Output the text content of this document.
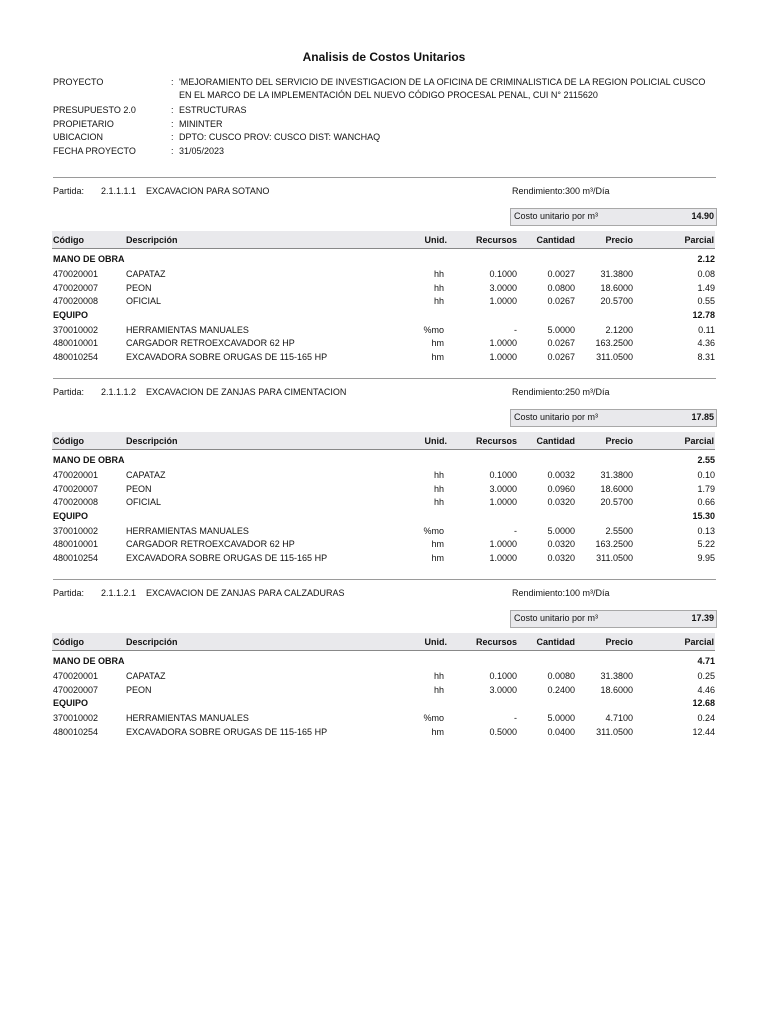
Analisis de Costos Unitarios
PROYECTO	: 'MEJORAMIENTO DEL SERVICIO DE INVESTIGACION DE LA OFICINA DE CRIMINALISTICA DE LA REGION POLICIAL CUSCO
EN EL MARCO DE LA IMPLEMENTACIÓN DEL NUEVO CÓDIGO PROCESAL PENAL, CUI N° 2115620
PRESUPUESTO 2.0	: ESTRUCTURAS
PROPIETARIO	: MININTER
UBICACION	: DPTO: CUSCO PROV: CUSCO DIST: WANCHAQ
FECHA PROYECTO	: 31/05/2023
Partida: 2.1.1.1.1 EXCAVACION PARA SOTANO	Rendimiento:300 m³/Día
Costo unitario por m³	14.90
Código	Descripción	Unid.	Recursos Cantidad	Precio	Parcial
MANO DE OBRA	2.12
470020001	CAPATAZ	hh	0.1000	0.0027	31.3800	0.08
470020007	PEON	hh	3.0000	0.0800	18.6000	1.49
470020008	OFICIAL	hh	1.0000	0.0267	20.5700	0.55
EQUIPO	12.78
370010002	HERRAMIENTAS MANUALES	%mo	-	5.0000	2.1200	0.11
480010001	CARGADOR RETROEXCAVADOR 62 HP	hm	1.0000	0.0267 163.2500	4.36
480010254	EXCAVADORA SOBRE ORUGAS DE 115-165 HP	hm	1.0000	0.0267 311.0500	8.31
Partida: 2.1.1.1.2 EXCAVACION DE ZANJAS PARA CIMENTACION	Rendimiento:250 m³/Día
Costo unitario por m³	17.85
Código	Descripción	Unid.	Recursos Cantidad	Precio	Parcial
MANO DE OBRA	2.55
470020001	CAPATAZ	hh	0.1000	0.0032	31.3800	0.10
470020007	PEON	hh	3.0000	0.0960	18.6000	1.79
470020008	OFICIAL	hh	1.0000	0.0320	20.5700	0.66
EQUIPO	15.30
370010002	HERRAMIENTAS MANUALES	%mo	-	5.0000	2.5500	0.13
480010001	CARGADOR RETROEXCAVADOR 62 HP	hm	1.0000	0.0320 163.2500	5.22
480010254	EXCAVADORA SOBRE ORUGAS DE 115-165 HP	hm	1.0000	0.0320 311.0500	9.95
Partida: 2.1.1.2.1 EXCAVACION DE ZANJAS PARA CALZADURAS	Rendimiento:100 m³/Día
Costo unitario por m³	17.39
Código	Descripción	Unid.	Recursos Cantidad	Precio	Parcial
MANO DE OBRA	4.71
470020001	CAPATAZ	hh	0.1000	0.0080	31.3800	0.25
470020007	PEON	hh	3.0000	0.2400	18.6000	4.46
EQUIPO	12.68
370010002	HERRAMIENTAS MANUALES	%mo	-	5.0000	4.7100	0.24
480010254	EXCAVADORA SOBRE ORUGAS DE 115-165 HP	hm	0.5000	0.0400 311.0500	12.44
